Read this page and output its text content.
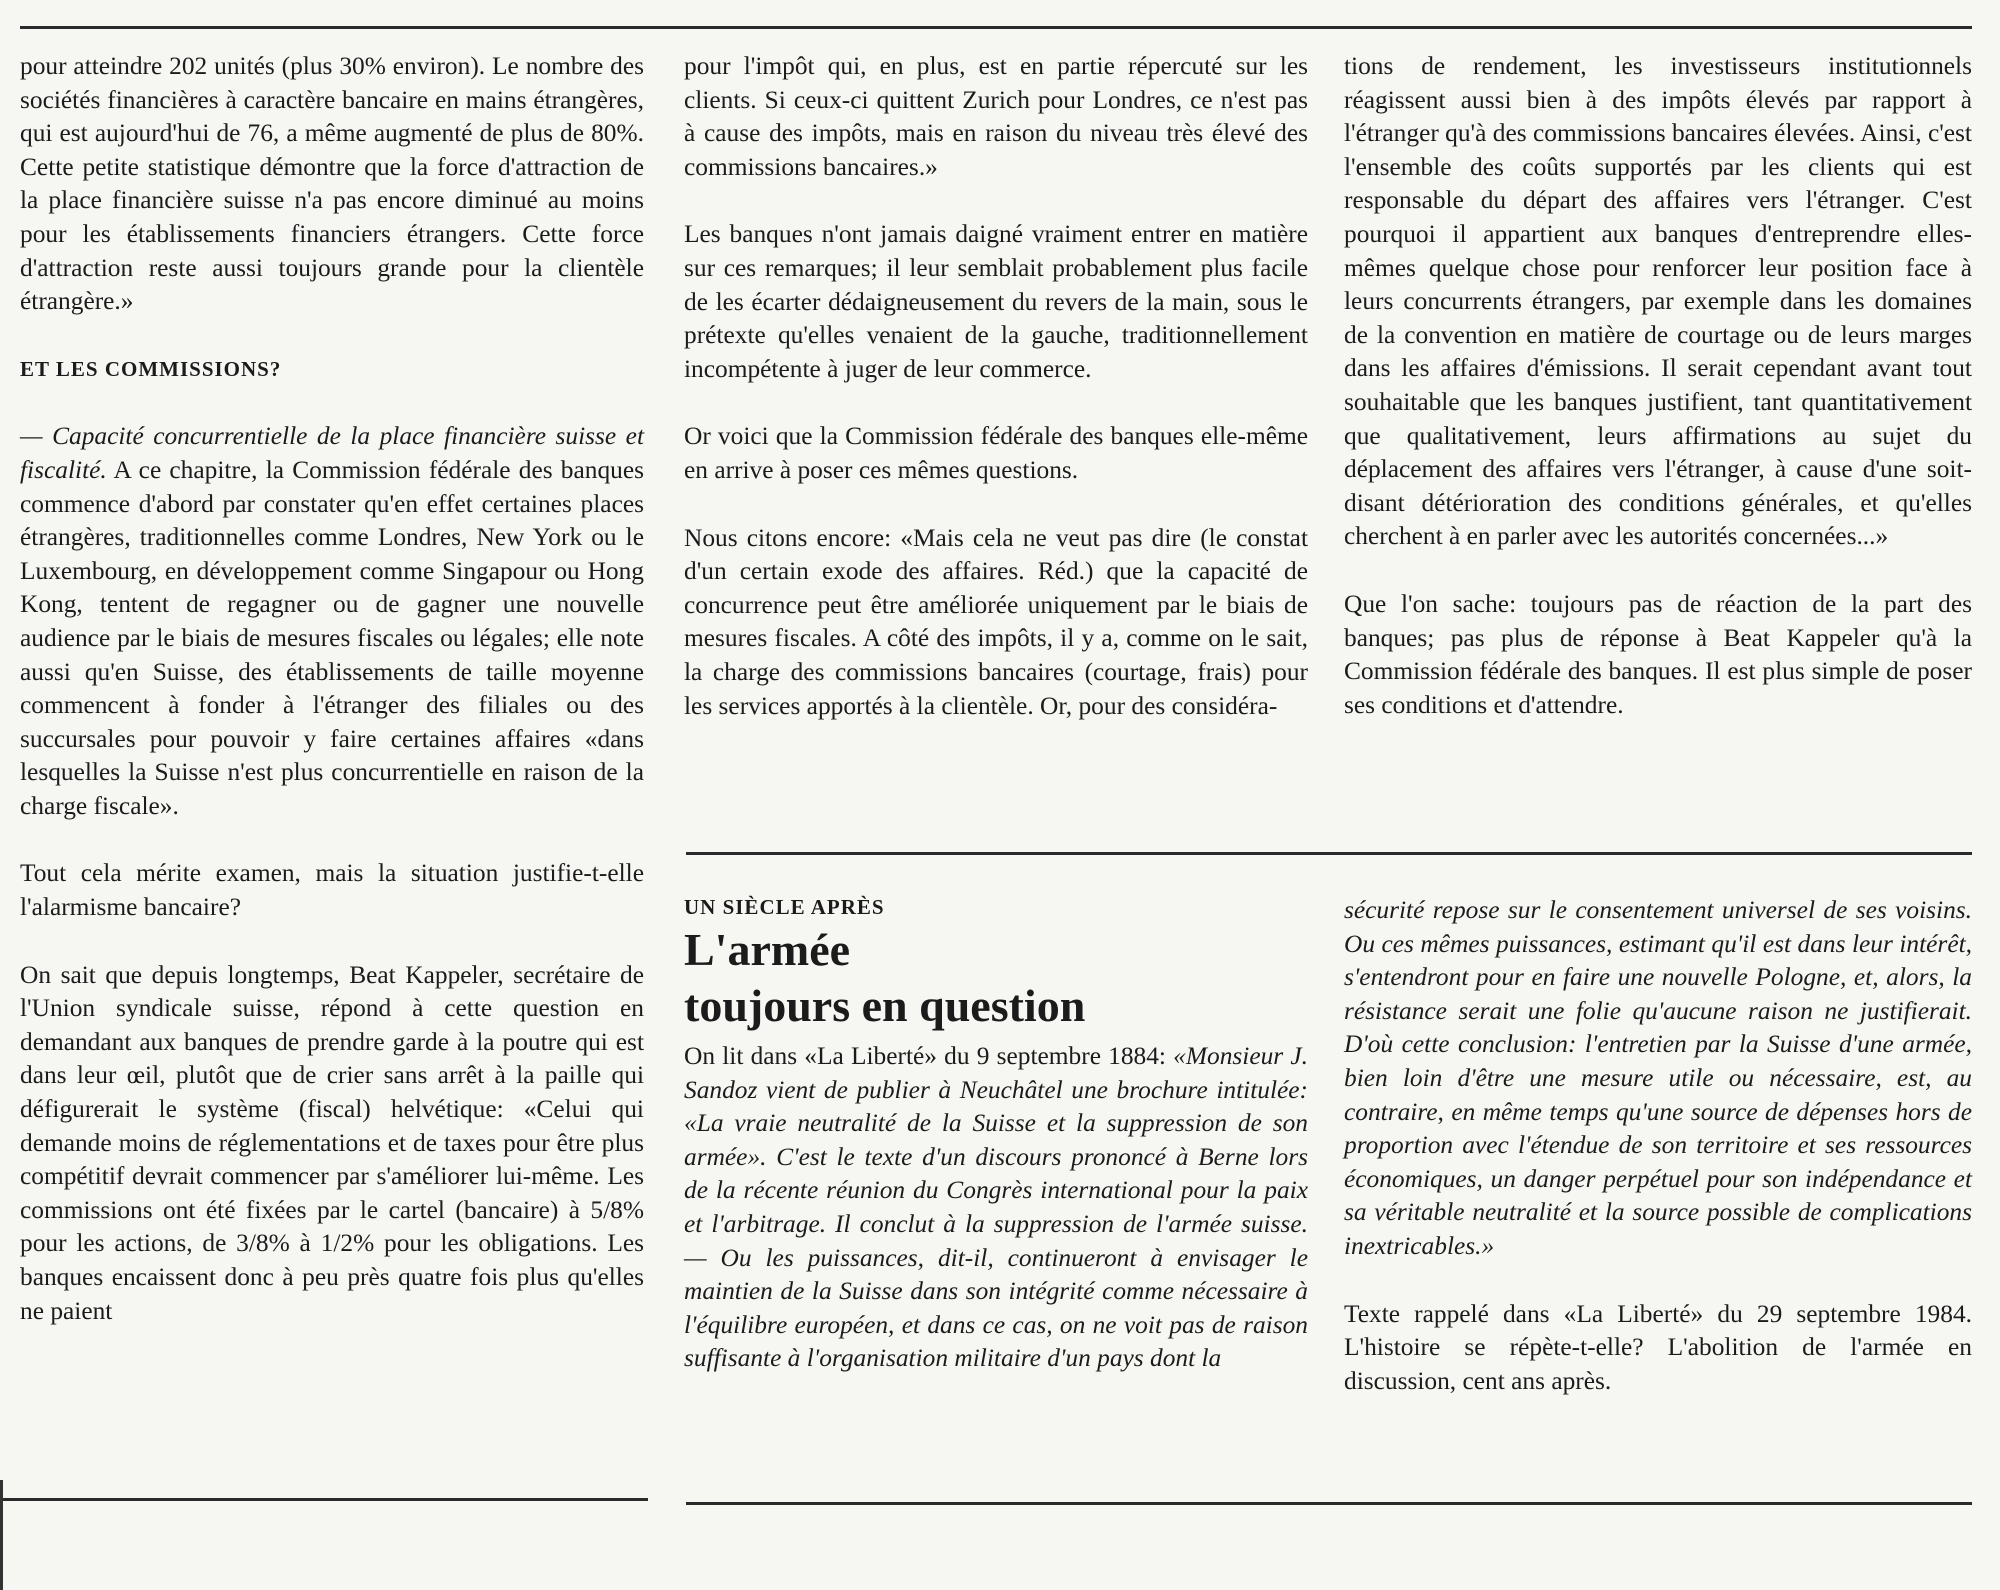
pour atteindre 202 unités (plus 30% environ). Le nombre des sociétés financières à caractère bancaire en mains étrangères, qui est aujourd'hui de 76, a même augmenté de plus de 80%. Cette petite statistique démontre que la force d'attraction de la place financière suisse n'a pas encore diminué au moins pour les établissements financiers étrangers. Cette force d'attraction reste aussi toujours grande pour la clientèle étrangère.»

ET LES COMMISSIONS?

— Capacité concurrentielle de la place financière suisse et fiscalité. A ce chapitre, la Commission fédérale des banques commence d'abord par constater qu'en effet certaines places étrangères, traditionnelles comme Londres, New York ou le Luxembourg, en développement comme Singapour ou Hong Kong, tentent de regagner ou de gagner une nouvelle audience par le biais de mesures fiscales ou légales; elle note aussi qu'en Suisse, des établissements de taille moyenne commencent à fonder à l'étranger des filiales ou des succursales pour pouvoir y faire certaines affaires «dans lesquelles la Suisse n'est plus concurrentielle en raison de la charge fiscale».

Tout cela mérite examen, mais la situation justifie-t-elle l'alarmisme bancaire?

On sait que depuis longtemps, Beat Kappeler, secrétaire de l'Union syndicale suisse, répond à cette question en demandant aux banques de prendre garde à la poutre qui est dans leur œil, plutôt que de crier sans arrêt à la paille qui défigurerait le système (fiscal) helvétique: «Celui qui demande moins de réglementations et de taxes pour être plus compétitif devrait commencer par s'améliorer lui-même. Les commissions ont été fixées par le cartel (bancaire) à 5/8% pour les actions, de 3/8% à 1/2% pour les obligations. Les banques encaissent donc à peu près quatre fois plus qu'elles ne paient

pour l'impôt qui, en plus, est en partie répercuté sur les clients. Si ceux-ci quittent Zurich pour Londres, ce n'est pas à cause des impôts, mais en raison du niveau très élevé des commissions bancaires.»

Les banques n'ont jamais daigné vraiment entrer en matière sur ces remarques; il leur semblait probablement plus facile de les écarter dédaigneusement du revers de la main, sous le prétexte qu'elles venaient de la gauche, traditionnellement incompétente à juger de leur commerce.

Or voici que la Commission fédérale des banques elle-même en arrive à poser ces mêmes questions.

Nous citons encore: «Mais cela ne veut pas dire (le constat d'un certain exode des affaires. Réd.) que la capacité de concurrence peut être améliorée uniquement par le biais de mesures fiscales. A côté des impôts, il y a, comme on le sait, la charge des commissions bancaires (courtage, frais) pour les services apportés à la clientèle. Or, pour des considéra-

tions de rendement, les investisseurs institutionnels réagissent aussi bien à des impôts élevés par rapport à l'étranger qu'à des commissions bancaires élevées. Ainsi, c'est l'ensemble des coûts supportés par les clients qui est responsable du départ des affaires vers l'étranger. C'est pourquoi il appartient aux banques d'entreprendre elles-mêmes quelque chose pour renforcer leur position face à leurs concurrents étrangers, par exemple dans les domaines de la convention en matière de courtage ou de leurs marges dans les affaires d'émissions. Il serait cependant avant tout souhaitable que les banques justifient, tant quantitativement que qualitativement, leurs affirmations au sujet du déplacement des affaires vers l'étranger, à cause d'une soit-disant détérioration des conditions générales, et qu'elles cherchent à en parler avec les autorités concernées...»

Que l'on sache: toujours pas de réaction de la part des banques; pas plus de réponse à Beat Kappeler qu'à la Commission fédérale des banques. Il est plus simple de poser ses conditions et d'attendre.

UN SIÈCLE APRÈS
L'armée
toujours en question

On lit dans «La Liberté» du 9 septembre 1884: «Monsieur J. Sandoz vient de publier à Neuchâtel une brochure intitulée: «La vraie neutralité de la Suisse et la suppression de son armée». C'est le texte d'un discours prononcé à Berne lors de la récente réunion du Congrès international pour la paix et l'arbitrage. Il conclut à la suppression de l'armée suisse. — Ou les puissances, dit-il, continueront à envisager le maintien de la Suisse dans son intégrité comme nécessaire à l'équilibre européen, et dans ce cas, on ne voit pas de raison suffisante à l'organisation militaire d'un pays dont la

sécurité repose sur le consentement universel de ses voisins. Ou ces mêmes puissances, estimant qu'il est dans leur intérêt, s'entendront pour en faire une nouvelle Pologne, et, alors, la résistance serait une folie qu'aucune raison ne justifierait. D'où cette conclusion: l'entretien par la Suisse d'une armée, bien loin d'être une mesure utile ou nécessaire, est, au contraire, en même temps qu'une source de dépenses hors de proportion avec l'étendue de son territoire et ses ressources économiques, un danger perpétuel pour son indépendance et sa véritable neutralité et la source possible de complications inextricables.»

Texte rappelé dans «La Liberté» du 29 septembre 1984. L'histoire se répète-t-elle? L'abolition de l'armée en discussion, cent ans après.
